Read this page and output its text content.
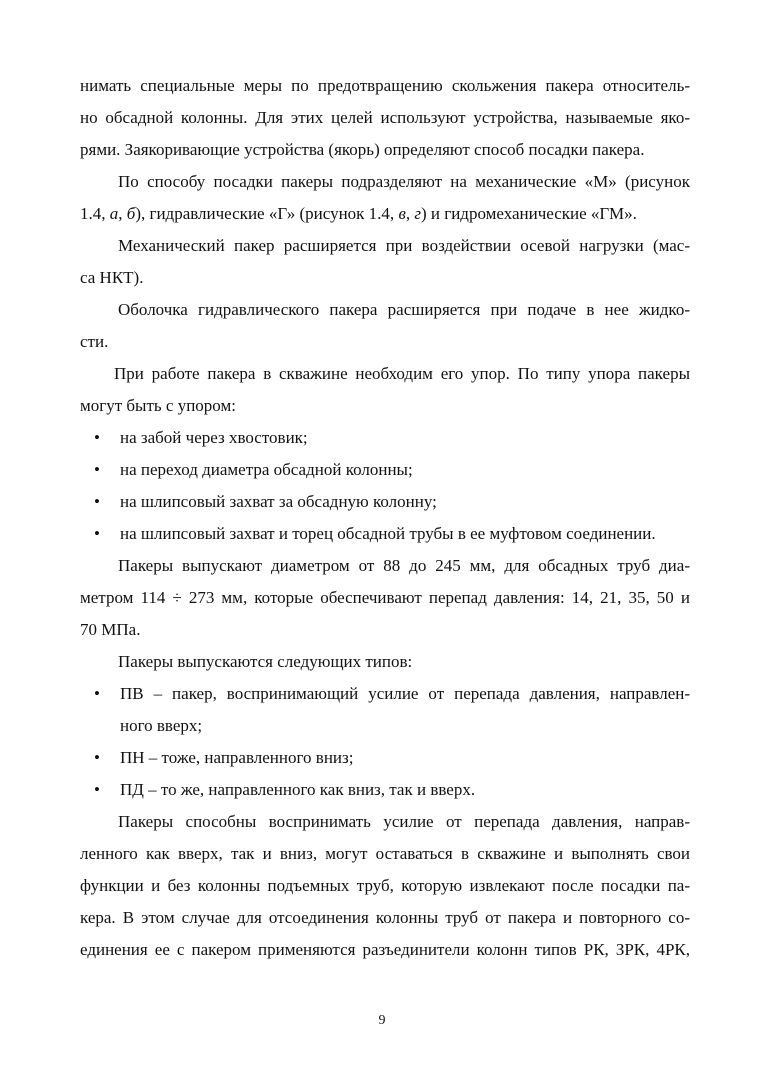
нимать специальные меры по предотвращению скольжения пакера относитель-
но обсадной колонны. Для этих целей используют устройства, называемые яко-
рями. Заякоривающие устройства (якорь) определяют способ посадки пакера.
По способу посадки пакеры подразделяют на механические «М» (рисунок
1.4, а, б), гидравлические «Г» (рисунок 1.4, в, г) и гидромеханические «ГМ».
Механический пакер расширяется при воздействии осевой нагрузки (мас-
са НКТ).
Оболочка гидравлического пакера расширяется при подаче в нее жидко-
сти.
При работе пакера в скважине необходим его упор. По типу упора пакеры
могут быть с упором:
• на забой через хвостовик;
• на переход диаметра обсадной колонны;
• на шлипсовый захват за обсадную колонну;
• на шлипсовый захват и торец обсадной трубы в ее муфтовом соединении.
Пакеры выпускают диаметром от 88 до 245 мм, для обсадных труб диа-
метром 114 ÷ 273 мм, которые обеспечивают перепад давления: 14, 21, 35, 50 и
70 МПа.
Пакеры выпускаются следующих типов:
• ПВ – пакер, воспринимающий усилие от перепада давления, направлен-
ного вверх;
• ПН – тоже, направленного вниз;
• ПД – то же, направленного как вниз, так и вверх.
Пакеры способны воспринимать усилие от перепада давления, направ-
ленного как вверх, так и вниз, могут оставаться в скважине и выполнять свои
функции и без колонны подъемных труб, которую извлекают после посадки па-
кера. В этом случае для отсоединения колонны труб от пакера и повторного со-
единения ее с пакером применяются разъединители колонн типов РК, ЗРК, 4РК,
9
